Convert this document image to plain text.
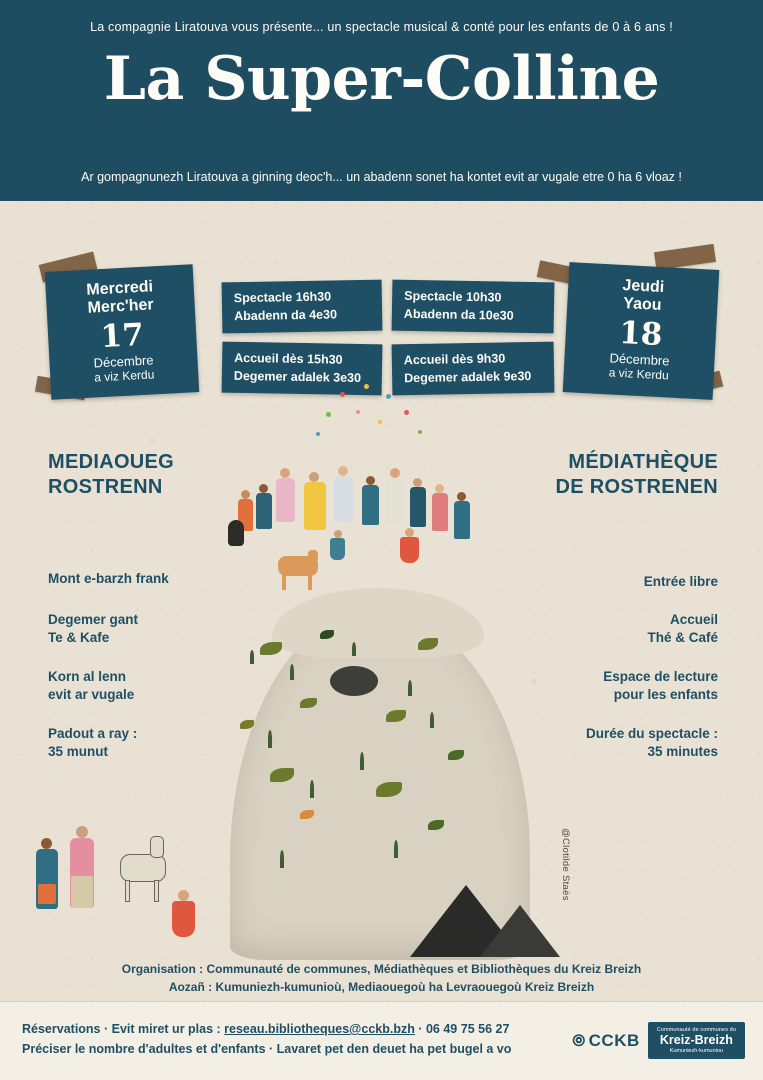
La compagnie Liratouva vous présente... un spectacle musical & conté pour les enfants de 0 à 6 ans !
La Super-Colline
Ar gompagnunezh Liratouva a ginning deoc'h... un abadenn sonet ha kontet evit ar vugale etre 0 ha 6 vloaz !
Mercredi
Merc'her
17
Décembre
a viz Kerdu
Jeudi
Yaou
18
Décembre
a viz Kerdu
Spectacle 16h30
Abadenn da 4e30
Accueil dès 15h30
Degemer adalek 3e30
Spectacle 10h30
Abadenn da 10e30
Accueil dès 9h30
Degemer adalek 9e30
MEDIAOUEG
ROSTRENN
MÉDIATHÈQUE
DE ROSTRENEN
Mont e-barzh frank
Degemer gant
Te & Kafe
Korn al lenn
evit ar vugale
Padout a ray :
35 munut
Entrée libre
Accueil
Thé & Café
Espace de lecture
pour les enfants
Durée du spectacle :
35 minutes
@Clotilde Staës
Organisation : Communauté de communes, Médiathèques et Bibliothèques du Kreiz Breizh
Aozañ : Kumuniezh-kumunioù, Mediaouegoù ha Levraouegoù Kreiz Breizh
Réservations · Evit miret ur plas : reseau.bibliotheques@cckb.bzh · 06 49 75 56 27
Préciser le nombre d'adultes et d'enfants · Lavaret pet den deuet ha pet bugel a vo	⦾ CCKB
Communauté de communes du
Kreiz-Breizh
Kumuniezh-kumuniou
